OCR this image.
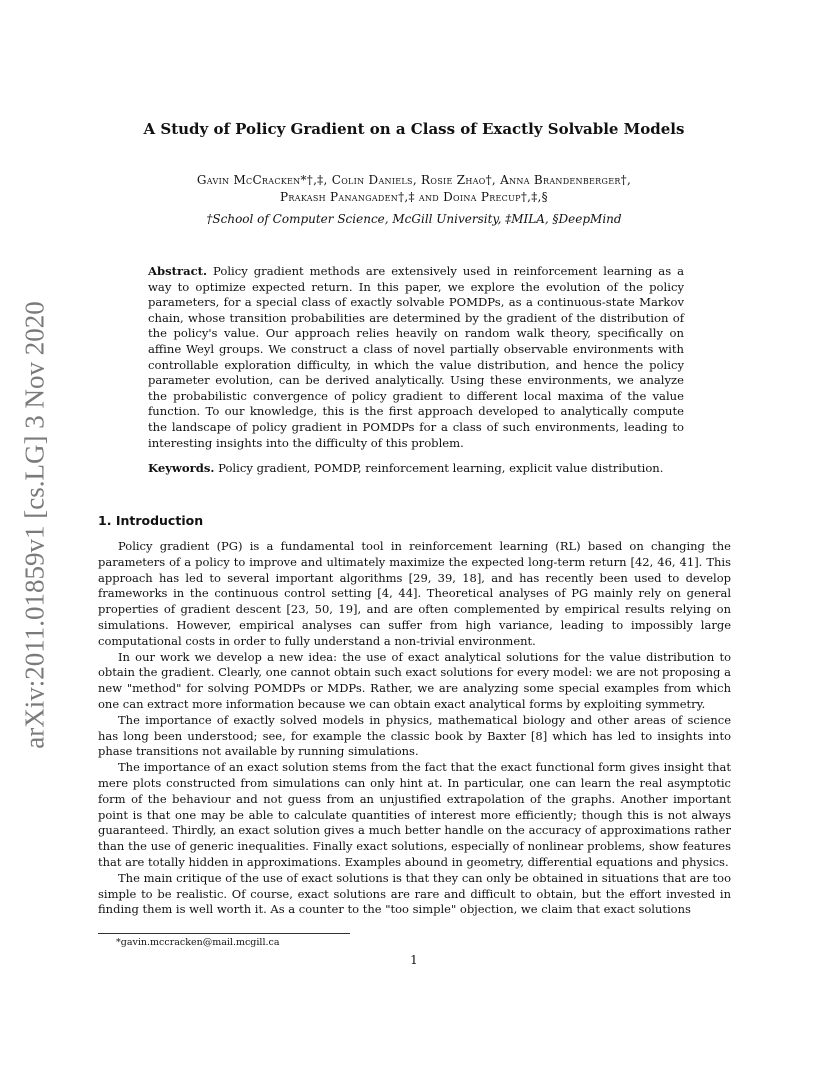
arXiv:2011.01859v1 [cs.LG] 3 Nov 2020
A Study of Policy Gradient on a Class of Exactly Solvable Models
Gavin McCracken*†,‡, Colin Daniels, Rosie Zhao†, Anna Brandenberger†,
Prakash Panangaden†,‡ and Doina Precup†,‡,§
†School of Computer Science, McGill University, ‡MILA, §DeepMind
Abstract. Policy gradient methods are extensively used in reinforcement learning as a way to optimize expected return. In this paper, we explore the evolution of the policy parameters, for a special class of exactly solvable POMDPs, as a continuous-state Markov chain, whose transition probabilities are determined by the gradient of the distribution of the policy's value. Our approach relies heavily on random walk theory, specifically on affine Weyl groups. We construct a class of novel partially observable environments with controllable exploration difficulty, in which the value distribution, and hence the policy parameter evolution, can be derived analytically. Using these environments, we analyze the probabilistic convergence of policy gradient to different local maxima of the value function. To our knowledge, this is the first approach developed to analytically compute the landscape of policy gradient in POMDPs for a class of such environments, leading to interesting insights into the difficulty of this problem.
Keywords. Policy gradient, POMDP, reinforcement learning, explicit value distribution.
1. Introduction

Policy gradient (PG) is a fundamental tool in reinforcement learning (RL) based on changing the parameters of a policy to improve and ultimately maximize the expected long-term return [42, 46, 41]. This approach has led to several important algorithms [29, 39, 18], and has recently been used to develop frameworks in the continuous control setting [4, 44]. Theoretical analyses of PG mainly rely on general properties of gradient descent [23, 50, 19], and are often complemented by empirical results relying on simulations. However, empirical analyses can suffer from high variance, leading to impossibly large computational costs in order to fully understand a non-trivial environment.

In our work we develop a new idea: the use of exact analytical solutions for the value distribution to obtain the gradient. Clearly, one cannot obtain such exact solutions for every model: we are not proposing a new "method" for solving POMDPs or MDPs. Rather, we are analyzing some special examples from which one can extract more information because we can obtain exact analytical forms by exploiting symmetry.

The importance of exactly solved models in physics, mathematical biology and other areas of science has long been understood; see, for example the classic book by Baxter [8] which has led to insights into phase transitions not available by running simulations.

The importance of an exact solution stems from the fact that the exact functional form gives insight that mere plots constructed from simulations can only hint at. In particular, one can learn the real asymptotic form of the behaviour and not guess from an unjustified extrapolation of the graphs. Another important point is that one may be able to calculate quantities of interest more efficiently; though this is not always guaranteed. Thirdly, an exact solution gives a much better handle on the accuracy of approximations rather than the use of generic inequalities. Finally exact solutions, especially of nonlinear problems, show features that are totally hidden in approximations. Examples abound in geometry, differential equations and physics.

The main critique of the use of exact solutions is that they can only be obtained in situations that are too simple to be realistic. Of course, exact solutions are rare and difficult to obtain, but the effort invested in finding them is well worth it. As a counter to the "too simple" objection, we claim that exact solutions

*gavin.mccracken@mail.mcgill.ca
1
